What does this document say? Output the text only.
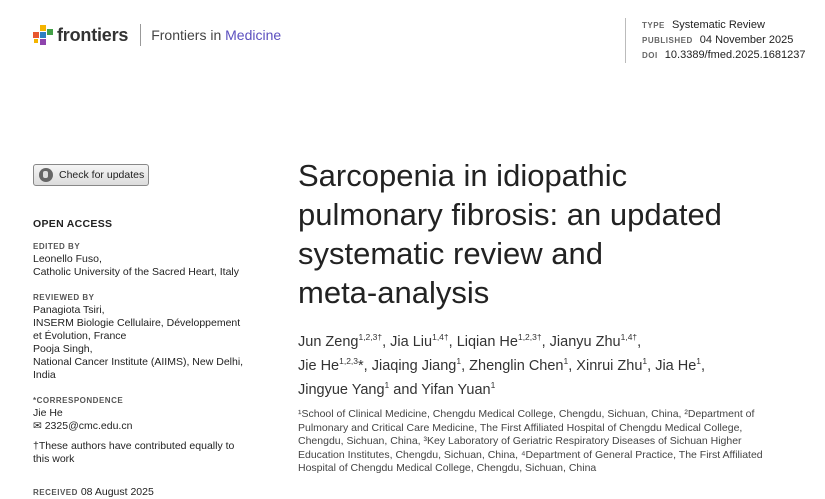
frontiers Frontiers in Medicine
TYPE Systematic Review
PUBLISHED 04 November 2025
DOI 10.3389/fmed.2025.1681237
Check for updates
OPEN ACCESS
EDITED BY
Leonello Fuso,
Catholic University of the Sacred Heart, Italy
REVIEWED BY
Panagiota Tsiri,
INSERM Biologie Cellulaire, Développement
et Évolution, France
Pooja Singh,
National Cancer Institute (AIIMS), New Delhi,
India
*CORRESPONDENCE
Jie He
✉ 2325@cmc.edu.cn
†These authors have contributed equally to
this work
RECEIVED 08 August 2025
Sarcopenia in idiopathic
pulmonary fibrosis: an updated
systematic review and
meta-analysis
Jun Zeng$^{1,2,3\dagger}$, Jia Liu$^{1,4\dagger}$, Liqian $He^{1,2,3\dagger}$, Jianyu Zhu$^{1,4\dagger}$,
Jie He$^{1,2,3}$*, Jiaqing Jiang$^1$, Zhenglin Chen$^1$, Xinrui Zhu$^1$, Jia He$^1$,
Jingyue Yang$^1$ and Yifan Yuan$^1$
¹School of Clinical Medicine, Chengdu Medical College, Chengdu, Sichuan, China, ²Department of
Pulmonary and Critical Care Medicine, The First Affiliated Hospital of Chengdu Medical College,
Chengdu, Sichuan, China, ³Key Laboratory of Geriatric Respiratory Diseases of Sichuan Higher
Education Institutes, Chengdu, Sichuan, China, ⁴Department of General Practice, The First Affiliated
Hospital of Chengdu Medical College, Chengdu, Sichuan, China
